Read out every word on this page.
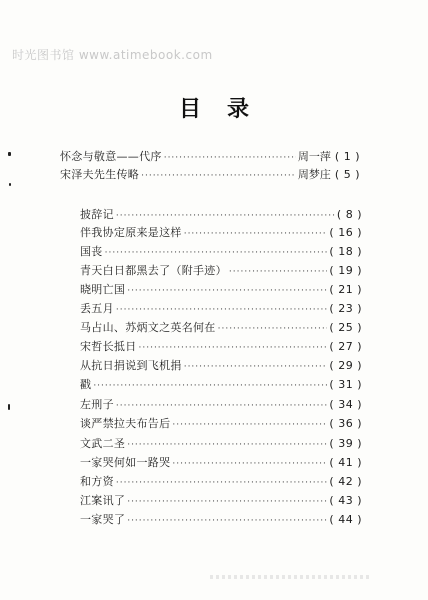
时光图书馆 www.atimebook.com
目录
怀念与敬意——代序 ·····	周一萍	( 1 )
宋泽夫先生传略 ·····	周梦庄	( 5 )
披辞记 ·····	( 8 )
伴我协定原来是这样 ·····	( 16 )
国丧 ·····	( 18 )
青天白日都黑去了（附手迹） ·····	( 19 )
晓明亡国 ·····	( 21 )
丢五月 ·····	( 23 )
马占山、苏炳文之英名何在 ·····	( 25 )
宋哲长抵日 ·····	( 27 )
从抗日捐说到飞机捐 ·····	( 29 )
戳 ·····	( 31 )
左刑子 ·····	( 34 )
谈严禁拉夫布告后 ·····	( 36 )
文武二圣 ·····	( 39 )
一家哭何如一路哭 ·····	( 41 )
和方资 ·····	( 42 )
江案讯了 ·····	( 43 )
一家哭了 ·····	( 44 )
